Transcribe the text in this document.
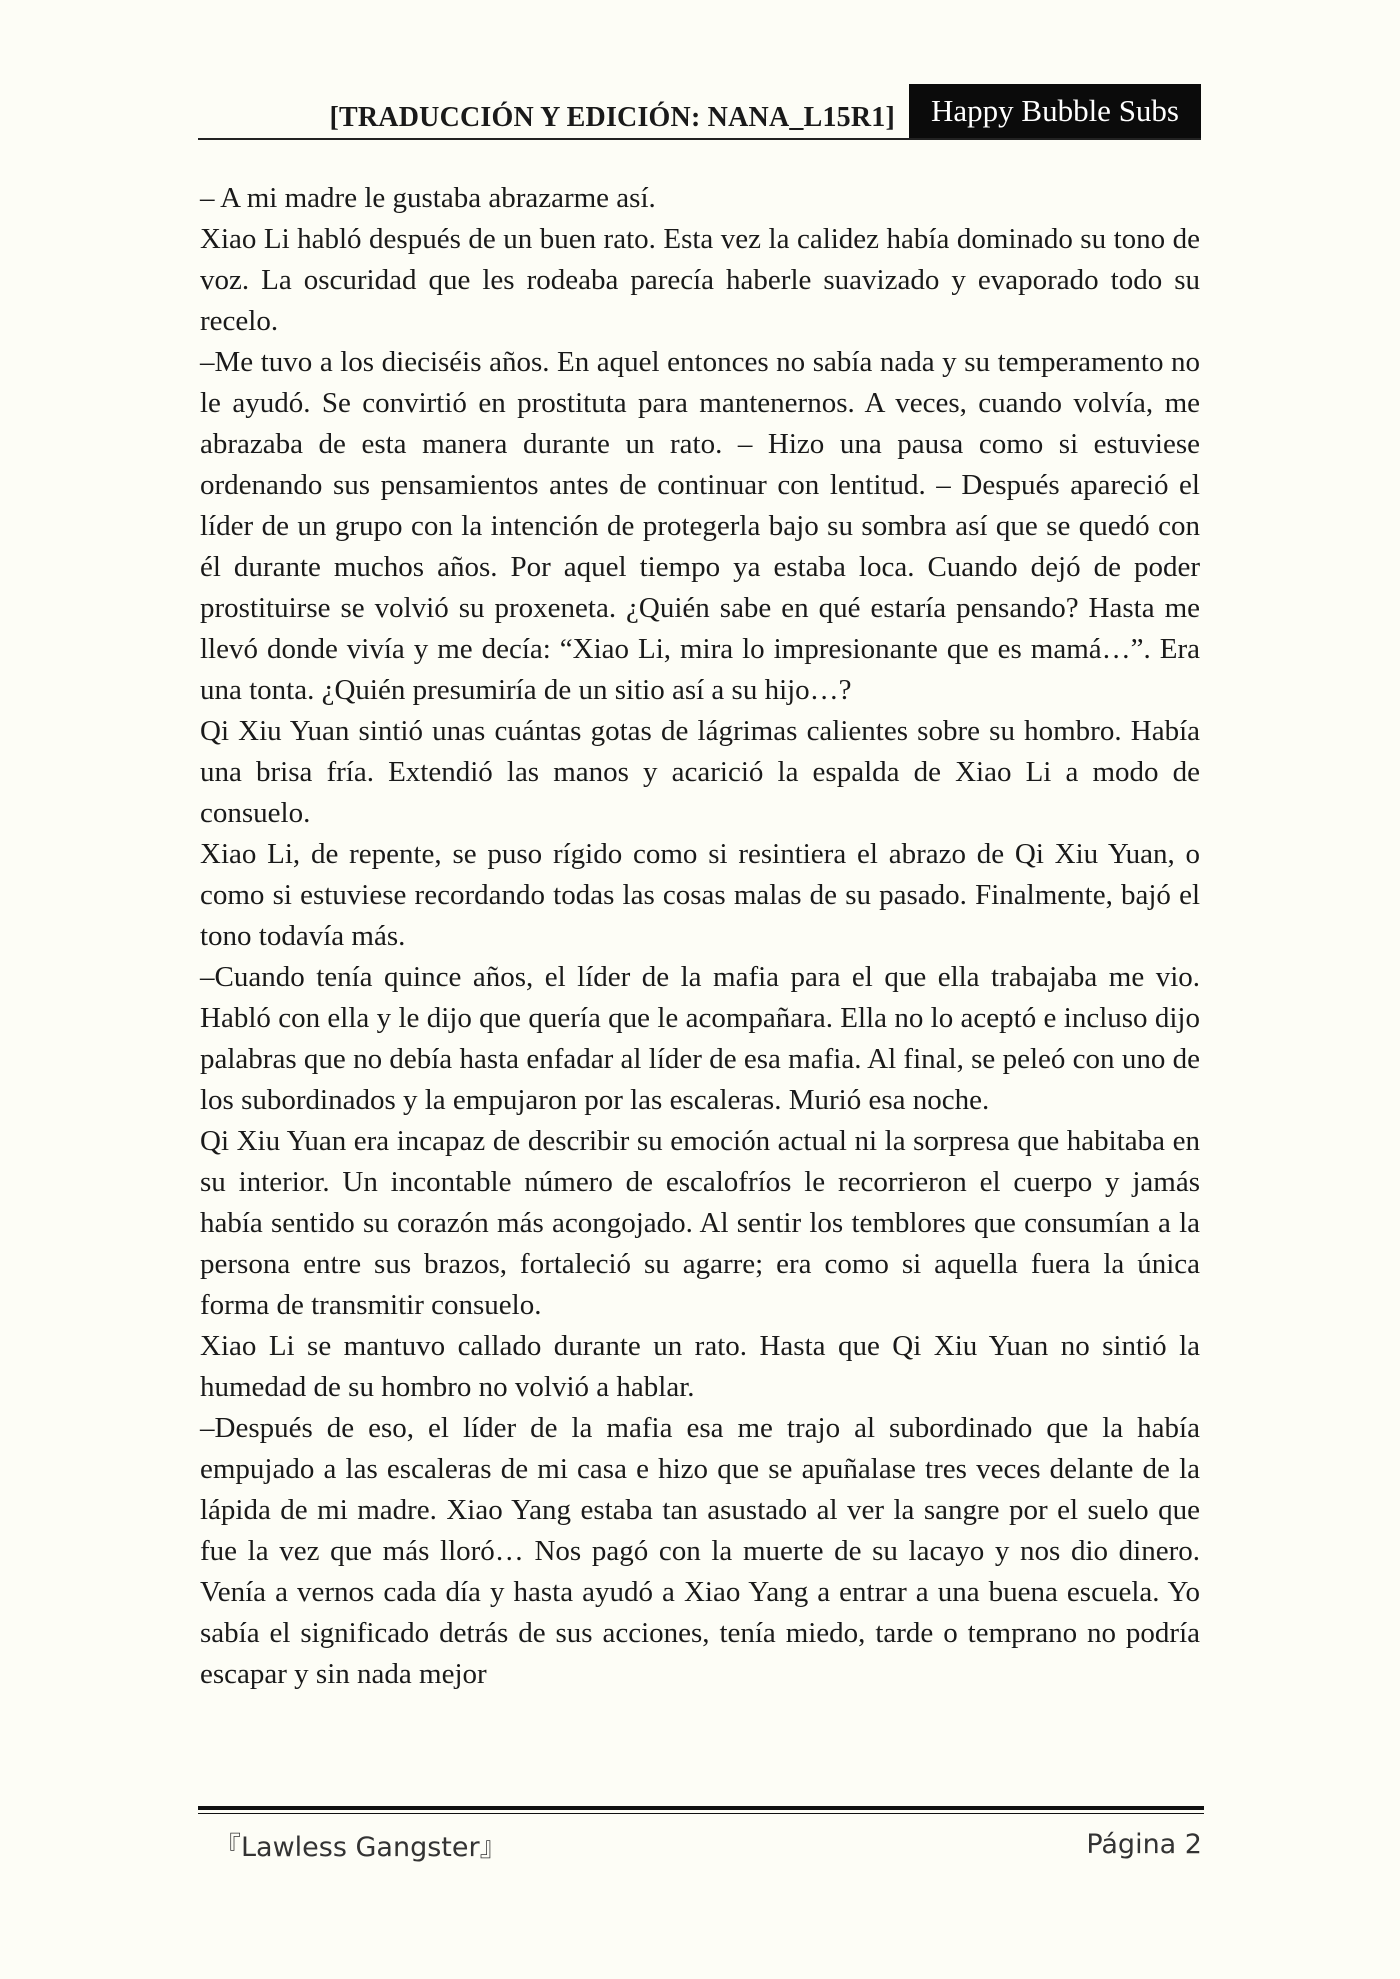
[TRADUCCIÓN Y EDICIÓN: NANA_L15R1]	Happy Bubble Subs

– A mi madre le gustaba abrazarme así.

Xiao Li habló después de un buen rato. Esta vez la calidez había dominado su tono de voz. La oscuridad que les rodeaba parecía haberle suavizado y evaporado todo su recelo.

–Me tuvo a los dieciséis años. En aquel entonces no sabía nada y su temperamento no le ayudó. Se convirtió en prostituta para mantenernos. A veces, cuando volvía, me abrazaba de esta manera durante un rato. – Hizo una pausa como si estuviese ordenando sus pensamientos antes de continuar con lentitud. – Después apareció el líder de un grupo con la intención de protegerla bajo su sombra así que se quedó con él durante muchos años. Por aquel tiempo ya estaba loca. Cuando dejó de poder prostituirse se volvió su proxeneta. ¿Quién sabe en qué estaría pensando? Hasta me llevó donde vivía y me decía: “Xiao Li, mira lo impresionante que es mamá…”. Era una tonta. ¿Quién presumiría de un sitio así a su hijo…?

Qi Xiu Yuan sintió unas cuántas gotas de lágrimas calientes sobre su hombro. Había una brisa fría. Extendió las manos y acarició la espalda de Xiao Li a modo de consuelo.

Xiao Li, de repente, se puso rígido como si resintiera el abrazo de Qi Xiu Yuan, o como si estuviese recordando todas las cosas malas de su pasado. Finalmente, bajó el tono todavía más.

–Cuando tenía quince años, el líder de la mafia para el que ella trabajaba me vio. Habló con ella y le dijo que quería que le acompañara. Ella no lo aceptó e incluso dijo palabras que no debía hasta enfadar al líder de esa mafia. Al final, se peleó con uno de los subordinados y la empujaron por las escaleras. Murió esa noche.

Qi Xiu Yuan era incapaz de describir su emoción actual ni la sorpresa que habitaba en su interior. Un incontable número de escalofríos le recorrieron el cuerpo y jamás había sentido su corazón más acongojado. Al sentir los temblores que consumían a la persona entre sus brazos, fortaleció su agarre; era como si aquella fuera la única forma de transmitir consuelo.

Xiao Li se mantuvo callado durante un rato. Hasta que Qi Xiu Yuan no sintió la humedad de su hombro no volvió a hablar.

–Después de eso, el líder de la mafia esa me trajo al subordinado que la había empujado a las escaleras de mi casa e hizo que se apuñalase tres veces delante de la lápida de mi madre. Xiao Yang estaba tan asustado al ver la sangre por el suelo que fue la vez que más lloró… Nos pagó con la muerte de su lacayo y nos dio dinero. Venía a vernos cada día y hasta ayudó a Xiao Yang a entrar a una buena escuela. Yo sabía el significado detrás de sus acciones, tenía miedo, tarde o temprano no podría escapar y sin nada mejor

『Lawless Gangster』	Página 2
